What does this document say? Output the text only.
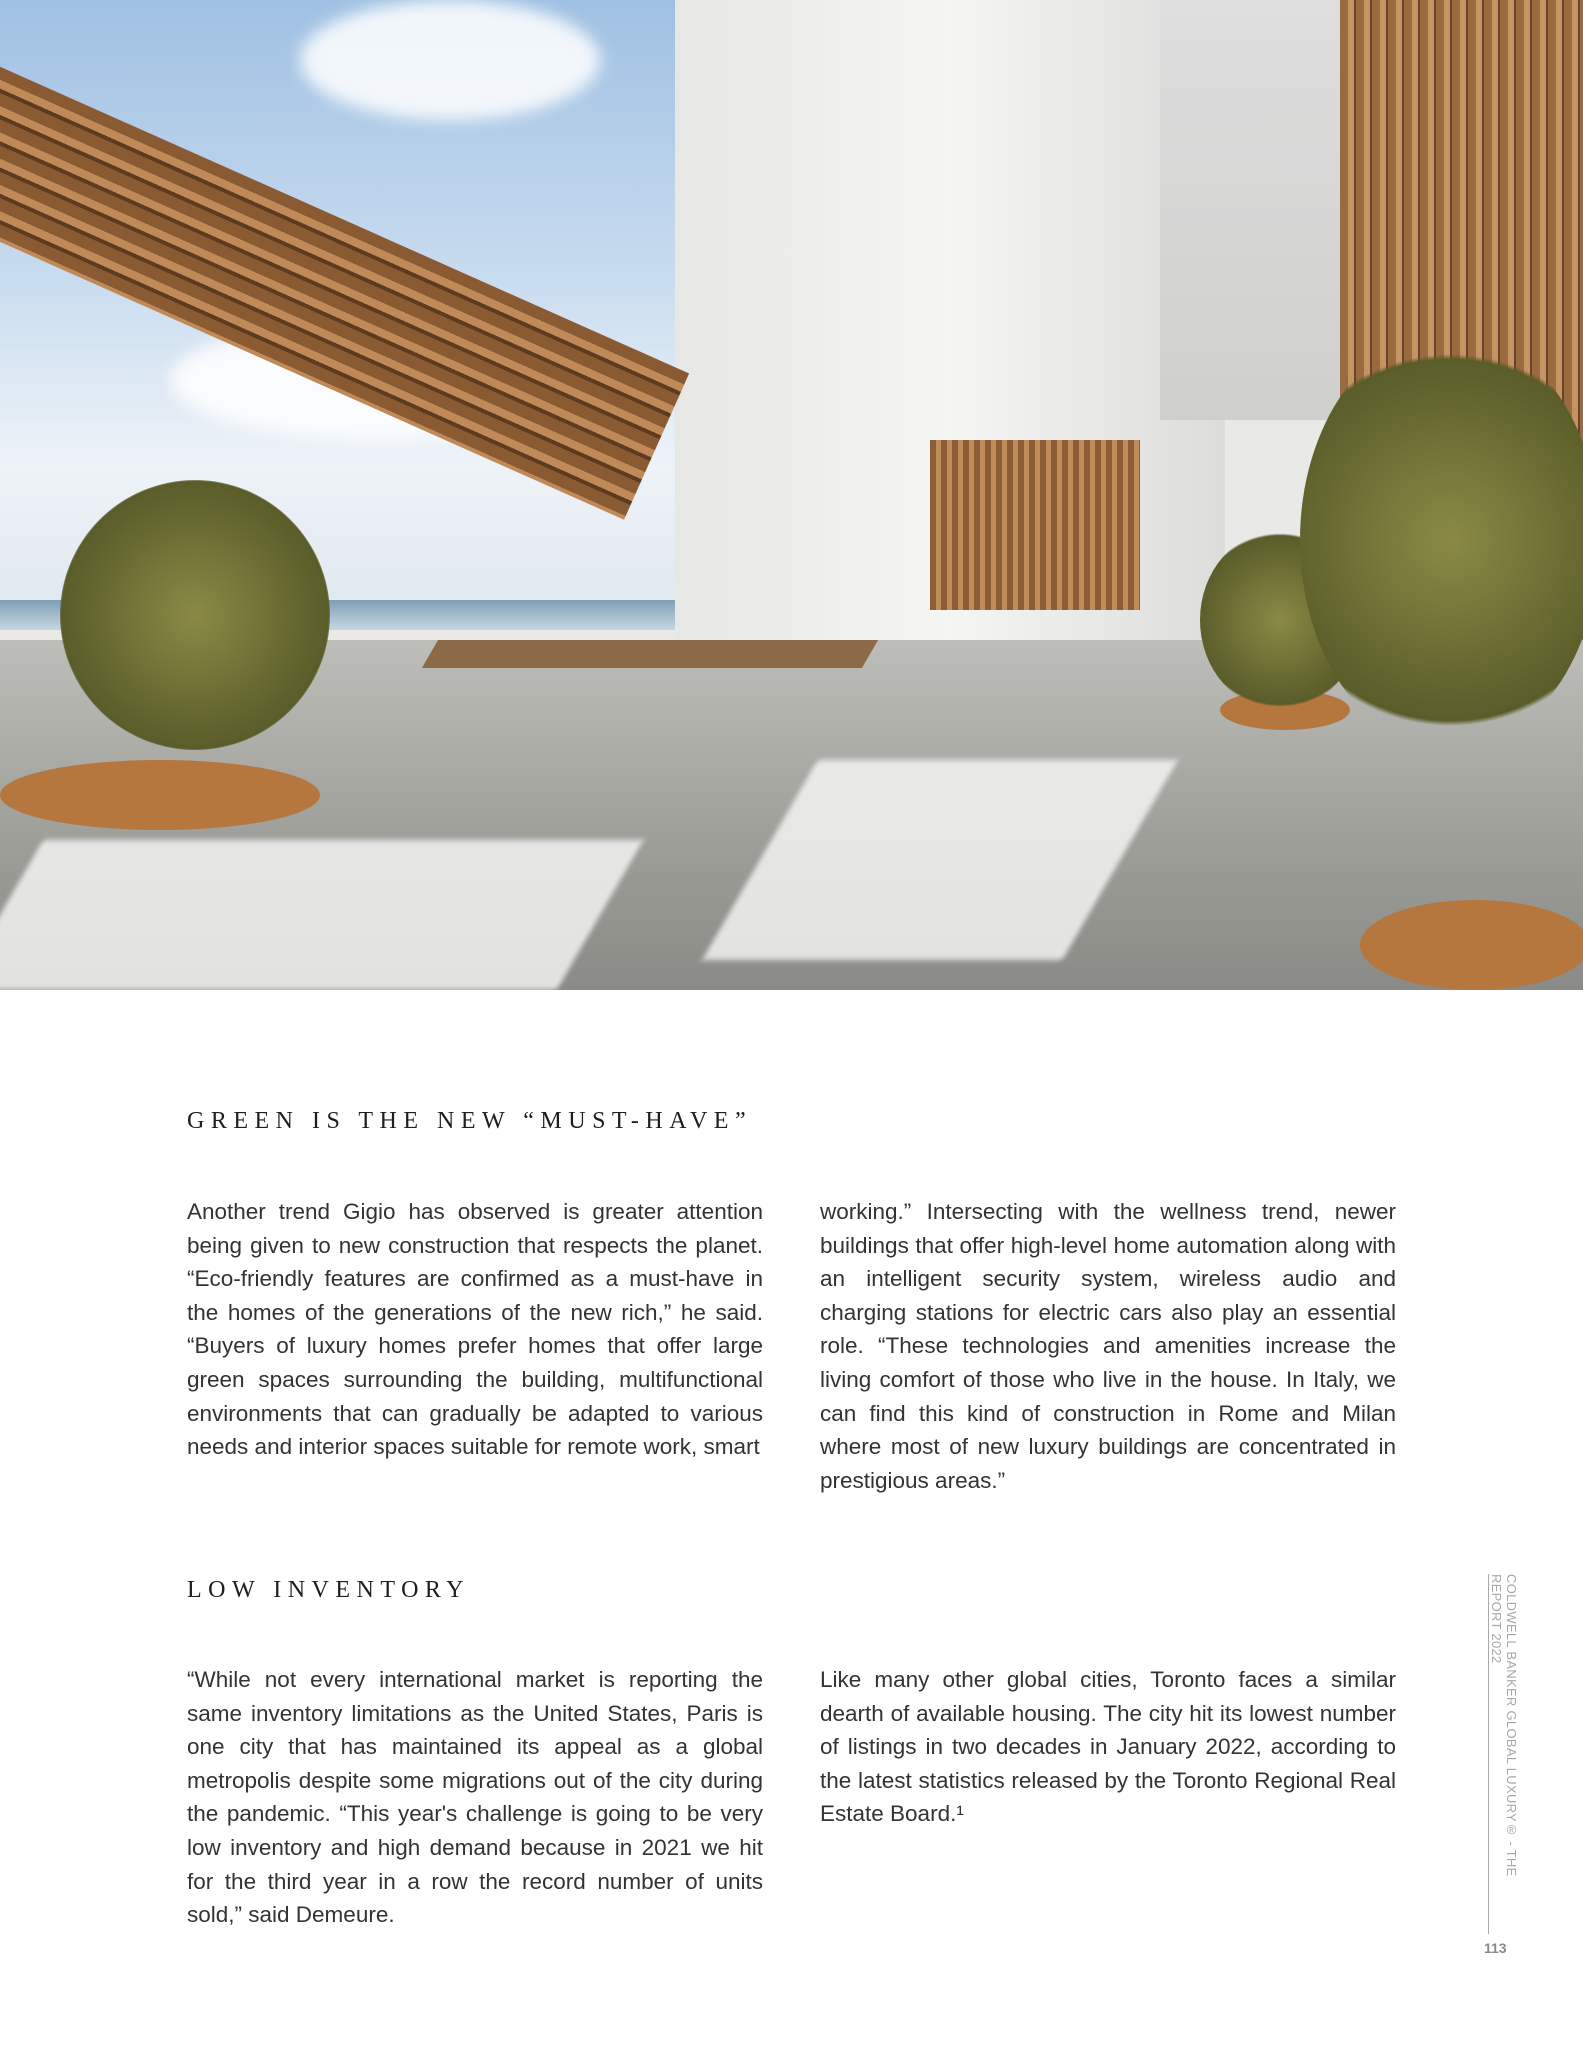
GREEN IS THE NEW “MUST-HAVE”

Another trend Gigio has observed is greater attention being given to new construction that respects the planet. “Eco-friendly features are confirmed as a must-have in the homes of the generations of the new rich,” he said. “Buyers of luxury homes prefer homes that offer large green spaces surrounding the building, multifunctional environments that can gradually be adapted to various needs and interior spaces suitable for remote work, smart

working.” Intersecting with the wellness trend, newer buildings that offer high-level home automation along with an intelligent security system, wireless audio and charging stations for electric cars also play an essential role. “These technologies and amenities increase the living comfort of those who live in the house. In Italy, we can find this kind of construction in Rome and Milan where most of new luxury buildings are concentrated in prestigious areas.”

LOW INVENTORY

“While not every international market is reporting the same inventory limitations as the United States, Paris is one city that has maintained its appeal as a global metropolis despite some migrations out of the city during the pandemic. “This year's challenge is going to be very low inventory and high demand because in 2021 we hit for the third year in a row the record number of units sold,” said Demeure.

Like many other global cities, Toronto faces a similar dearth of available housing. The city hit its lowest number of listings in two decades in January 2022, according to the latest statistics released by the Toronto Regional Real Estate Board.¹	COLDWELL BANKER GLOBAL LUXURY® - THE REPORT 2022
113
